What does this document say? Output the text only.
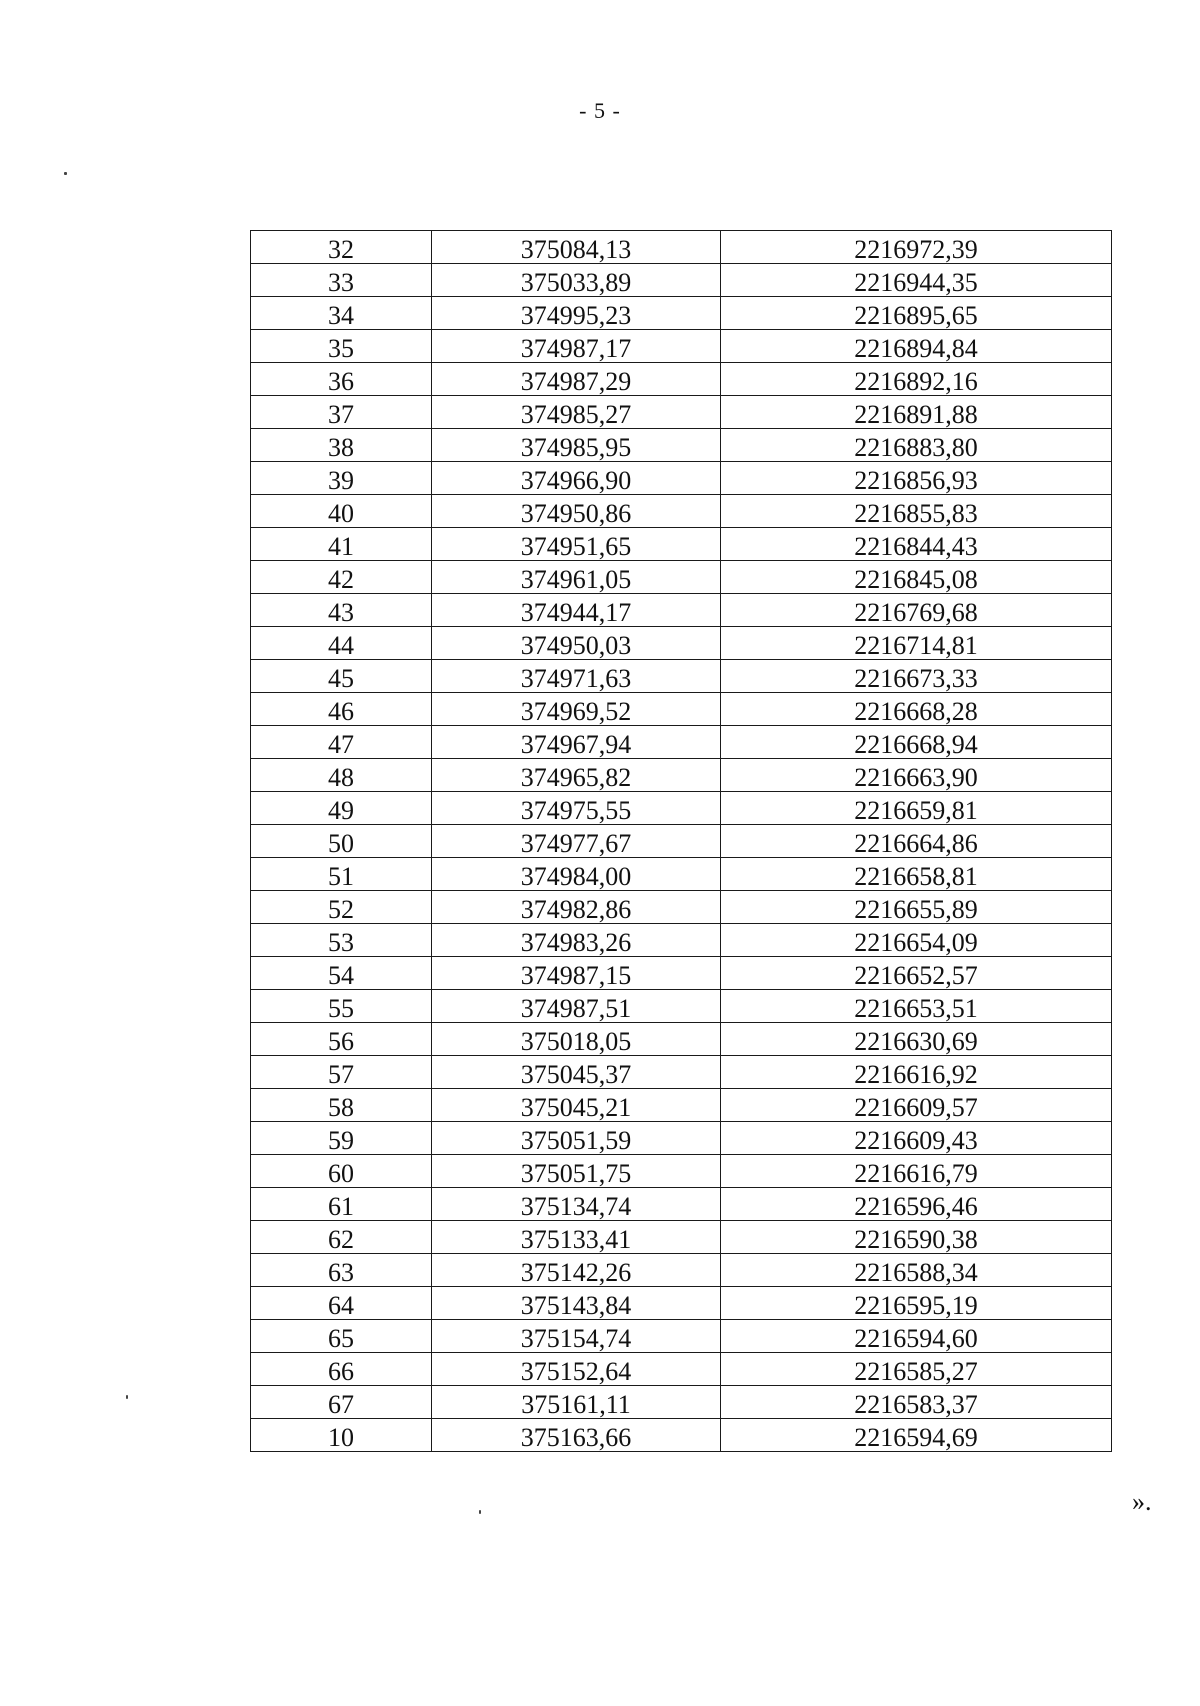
- 5 -
32	375084,13	2216972,39
33	375033,89	2216944,35
34	374995,23	2216895,65
35	374987,17	2216894,84
36	374987,29	2216892,16
37	374985,27	2216891,88
38	374985,95	2216883,80
39	374966,90	2216856,93
40	374950,86	2216855,83
41	374951,65	2216844,43
42	374961,05	2216845,08
43	374944,17	2216769,68
44	374950,03	2216714,81
45	374971,63	2216673,33
46	374969,52	2216668,28
47	374967,94	2216668,94
48	374965,82	2216663,90
49	374975,55	2216659,81
50	374977,67	2216664,86
51	374984,00	2216658,81
52	374982,86	2216655,89
53	374983,26	2216654,09
54	374987,15	2216652,57
55	374987,51	2216653,51
56	375018,05	2216630,69
57	375045,37	2216616,92
58	375045,21	2216609,57
59	375051,59	2216609,43
60	375051,75	2216616,79
61	375134,74	2216596,46
62	375133,41	2216590,38
63	375142,26	2216588,34
64	375143,84	2216595,19
65	375154,74	2216594,60
66	375152,64	2216585,27
67	375161,11	2216583,37
10	375163,66	2216594,69
».
